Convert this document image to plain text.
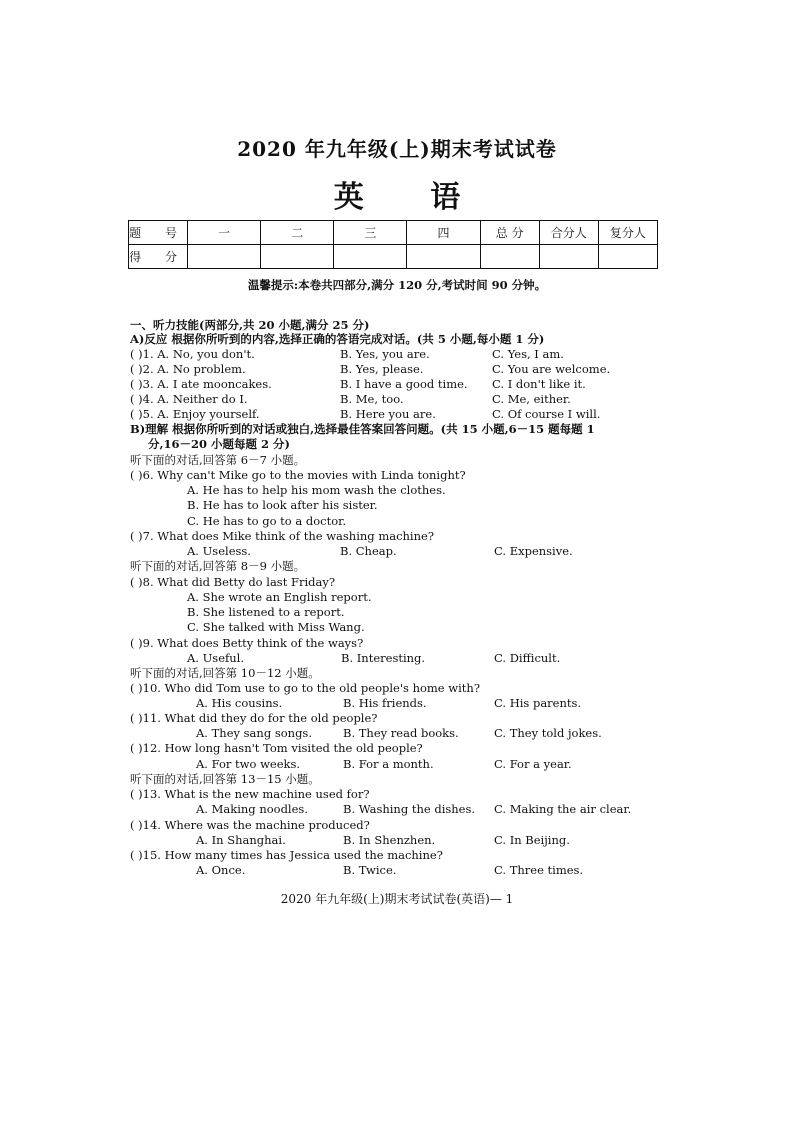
2020 年九年级(上)期末考试试卷
英 语
题 号	一	二	三	四	总 分	合分人	复分人
得 分							
温馨提示:本卷共四部分,满分 120 分,考试时间 90 分钟。
一、听力技能(两部分,共 20 小题,满分 25 分)
A)反应 根据你所听到的内容,选择正确的答语完成对话。(共 5 小题,每小题 1 分)
( )1. A. No, you don't.	B. Yes, you are.	C. Yes, I am.
( )2. A. No problem.	B. Yes, please.	C. You are welcome.
( )3. A. I ate mooncakes.	B. I have a good time. C. I don't like it.
( )4. A. Neither do I.	B. Me, too.	C. Me, either.
( )5. A. Enjoy yourself.	B. Here you are.	C. Of course I will.
B)理解 根据你所听到的对话或独白,选择最佳答案回答问题。(共 15 小题,6－15 题每题 1
分,16－20 小题每题 2 分)
听下面的对话,回答第 6－7 小题。
( )6. Why can't Mike go to the movies with Linda tonight?
A. He has to help his mom wash the clothes.
B. He has to look after his sister.
C. He has to go to a doctor.
( )7. What does Mike think of the washing machine?
A. Useless.	B. Cheap.	C. Expensive.
听下面的对话,回答第 8－9 小题。
( )8. What did Betty do last Friday?
A. She wrote an English report.
B. She listened to a report.
C. She talked with Miss Wang.
( )9. What does Betty think of the ways?
A. Useful.	B. Interesting.	C. Difficult.
听下面的对话,回答第 10－12 小题。
( )10. Who did Tom use to go to the old people's home with?
A. His cousins.	B. His friends.	C. His parents.
( )11. What did they do for the old people?
A. They sang songs.	B. They read books.	C. They told jokes.
( )12. How long hasn't Tom visited the old people?
A. For two weeks.	B. For a month.	C. For a year.
听下面的对话,回答第 13－15 小题。
( )13. What is the new machine used for?
A. Making noodles.	B. Washing the dishes. C. Making the air clear.
( )14. Where was the machine produced?
A. In Shanghai.	B. In Shenzhen.	C. In Beijing.
( )15. How many times has Jessica used the machine?
A. Once.	B. Twice.	C. Three times.
2020 年九年级(上)期末考试试卷(英语)— 1
